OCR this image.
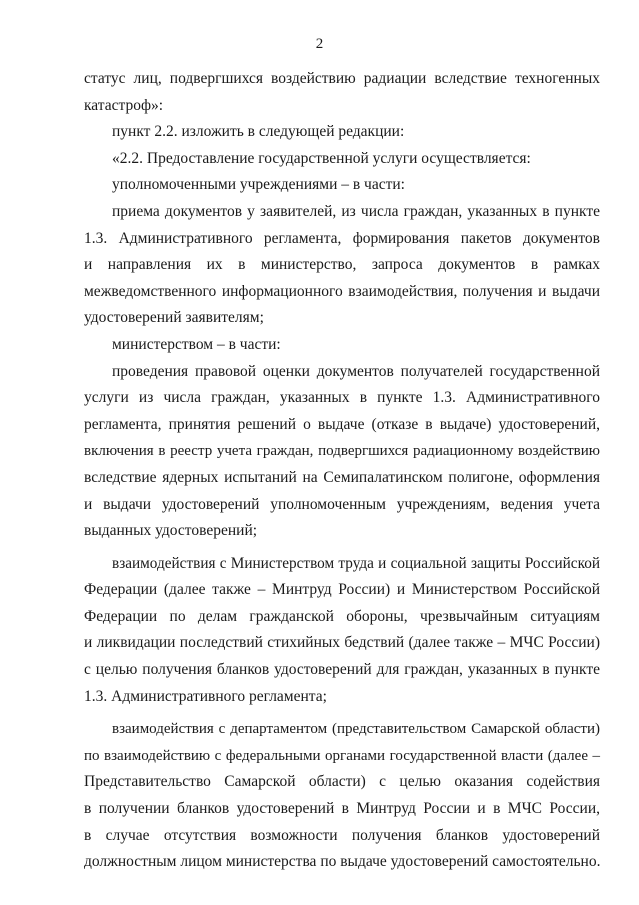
2
статус лиц, подвергшихся воздействию радиации вследствие техногенных
катастроф»:
пункт 2.2. изложить в следующей редакции:
«2.2. Предоставление государственной услуги осуществляется:
уполномоченными учреждениями – в части:
приема документов у заявителей, из числа граждан, указанных в пункте
1.3. Административного регламента, формирования пакетов документов
и направления их в министерство, запроса документов в рамках
межведомственного информационного взаимодействия, получения и выдачи
удостоверений заявителям;
министерством – в части:
проведения правовой оценки документов получателей государственной
услуги из числа граждан, указанных в пункте 1.3. Административного
регламента, принятия решений о выдаче (отказе в выдаче) удостоверений,
включения в реестр учета граждан, подвергшихся радиационному воздействию
вследствие ядерных испытаний на Семипалатинском полигоне, оформления
и выдачи удостоверений уполномоченным учреждениям, ведения учета
выданных удостоверений;
взаимодействия с Министерством труда и социальной защиты Российской
Федерации (далее также – Минтруд России) и Министерством Российской
Федерации по делам гражданской обороны, чрезвычайным ситуациям
и ликвидации последствий стихийных бедствий (далее также – МЧС России)
с целью получения бланков удостоверений для граждан, указанных в пункте
1.3. Административного регламента;
взаимодействия с департаментом (представительством Самарской области)
по взаимодействию с федеральными органами государственной власти (далее –
Представительство Самарской области) с целью оказания содействия
в получении бланков удостоверений в Минтруд России и в МЧС России,
в случае отсутствия возможности получения бланков удостоверений
должностным лицом министерства по выдаче удостоверений самостоятельно.
